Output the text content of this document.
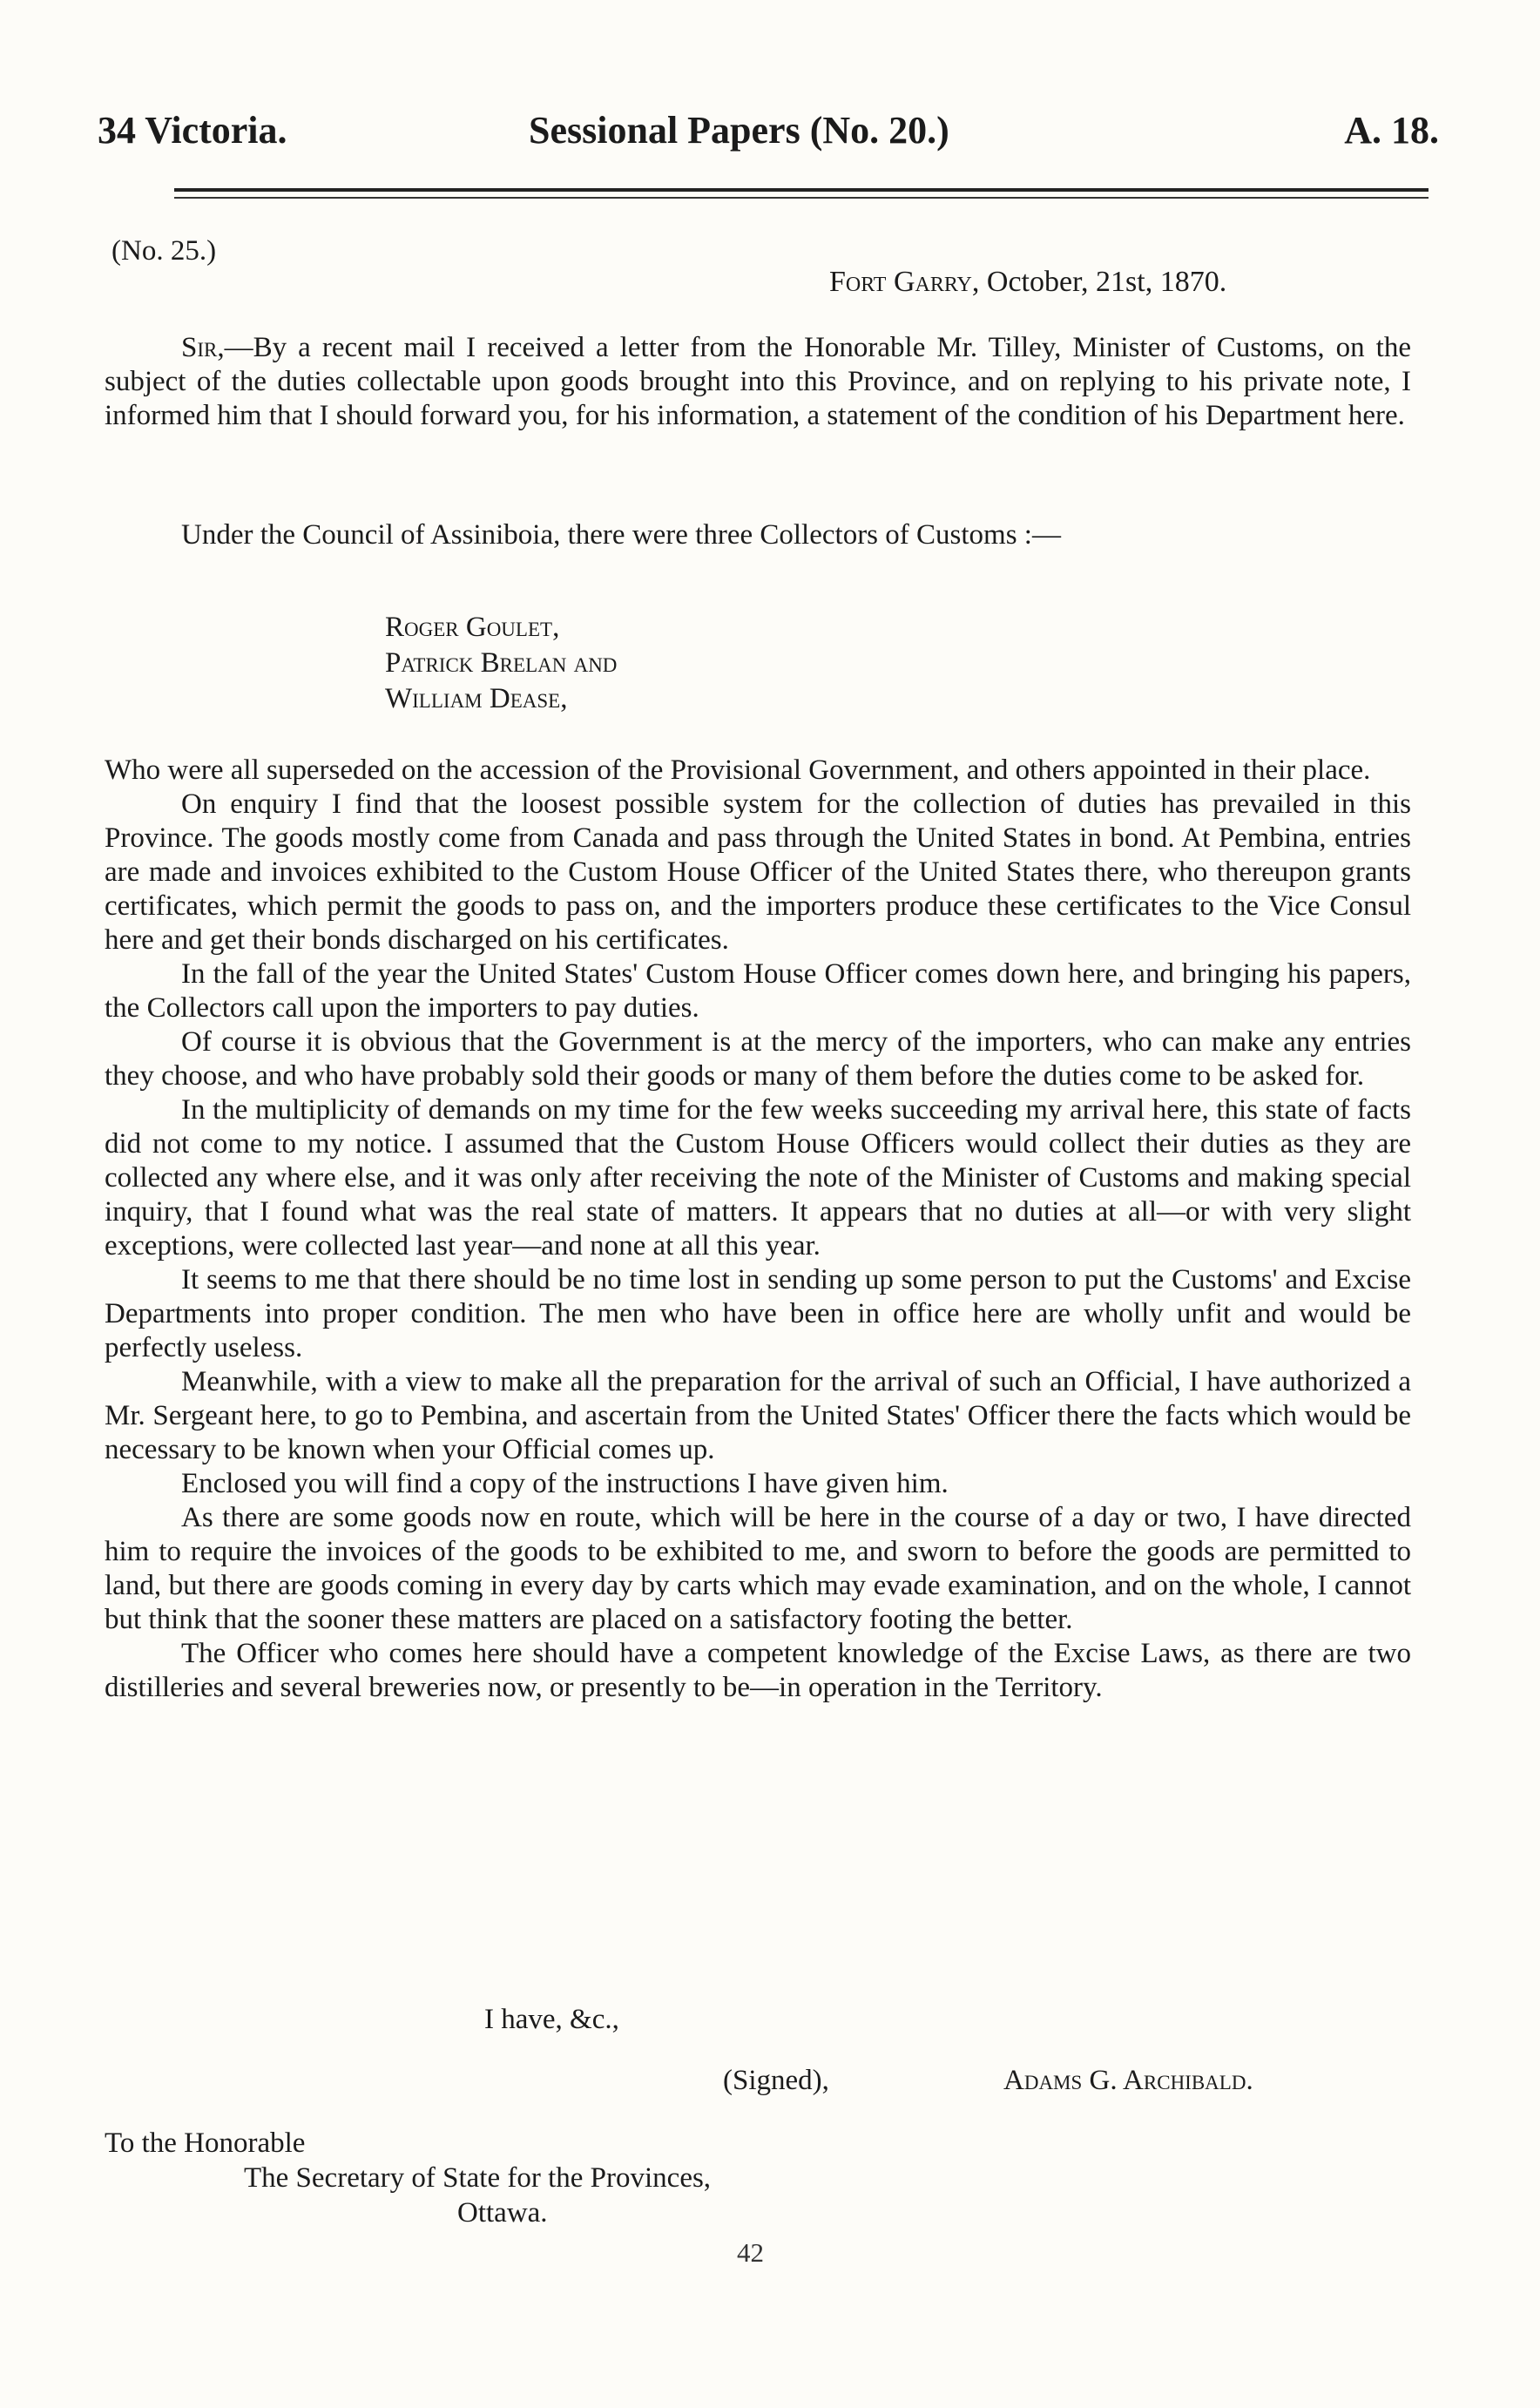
34 Victoria.	Sessional Papers (No. 20.)	A. 18.
(No. 25.)
Fort Garry, October, 21st, 1870.

Sir,—By a recent mail I received a letter from the Honorable Mr. Tilley, Minister of Customs, on the subject of the duties collectable upon goods brought into this Province, and on replying to his private note, I informed him that I should forward you, for his information, a statement of the condition of his Department here.

Under the Council of Assiniboia, there were three Collectors of Customs :—

Roger Goulet,
Patrick Brelan and
William Dease,

Who were all superseded on the accession of the Provisional Government, and others appointed in their place.

On enquiry I find that the loosest possible system for the collection of duties has prevailed in this Province. The goods mostly come from Canada and pass through the United States in bond. At Pembina, entries are made and invoices exhibited to the Custom House Officer of the United States there, who thereupon grants certificates, which permit the goods to pass on, and the importers produce these certificates to the Vice Consul here and get their bonds discharged on his certificates.

In the fall of the year the United States' Custom House Officer comes down here, and bringing his papers, the Collectors call upon the importers to pay duties.

Of course it is obvious that the Government is at the mercy of the importers, who can make any entries they choose, and who have probably sold their goods or many of them before the duties come to be asked for.

In the multiplicity of demands on my time for the few weeks succeeding my arrival here, this state of facts did not come to my notice. I assumed that the Custom House Officers would collect their duties as they are collected any where else, and it was only after receiving the note of the Minister of Customs and making special inquiry, that I found what was the real state of matters. It appears that no duties at all—or with very slight exceptions, were collected last year—and none at all this year.

It seems to me that there should be no time lost in sending up some person to put the Customs' and Excise Departments into proper condition. The men who have been in office here are wholly unfit and would be perfectly useless.

Meanwhile, with a view to make all the preparation for the arrival of such an Official, I have authorized a Mr. Sergeant here, to go to Pembina, and ascertain from the United States' Officer there the facts which would be necessary to be known when your Official comes up.

Enclosed you will find a copy of the instructions I have given him.

As there are some goods now en route, which will be here in the course of a day or two, I have directed him to require the invoices of the goods to be exhibited to me, and sworn to before the goods are permitted to land, but there are goods coming in every day by carts which may evade examination, and on the whole, I cannot but think that the sooner these matters are placed on a satisfactory footing the better.

The Officer who comes here should have a competent knowledge of the Excise Laws, as there are two distilleries and several breweries now, or presently to be—in operation in the Territory.

I have, &c.,
(Signed),	Adams G. Archibald.
To the Honorable
The Secretary of State for the Provinces,
Ottawa.
42
